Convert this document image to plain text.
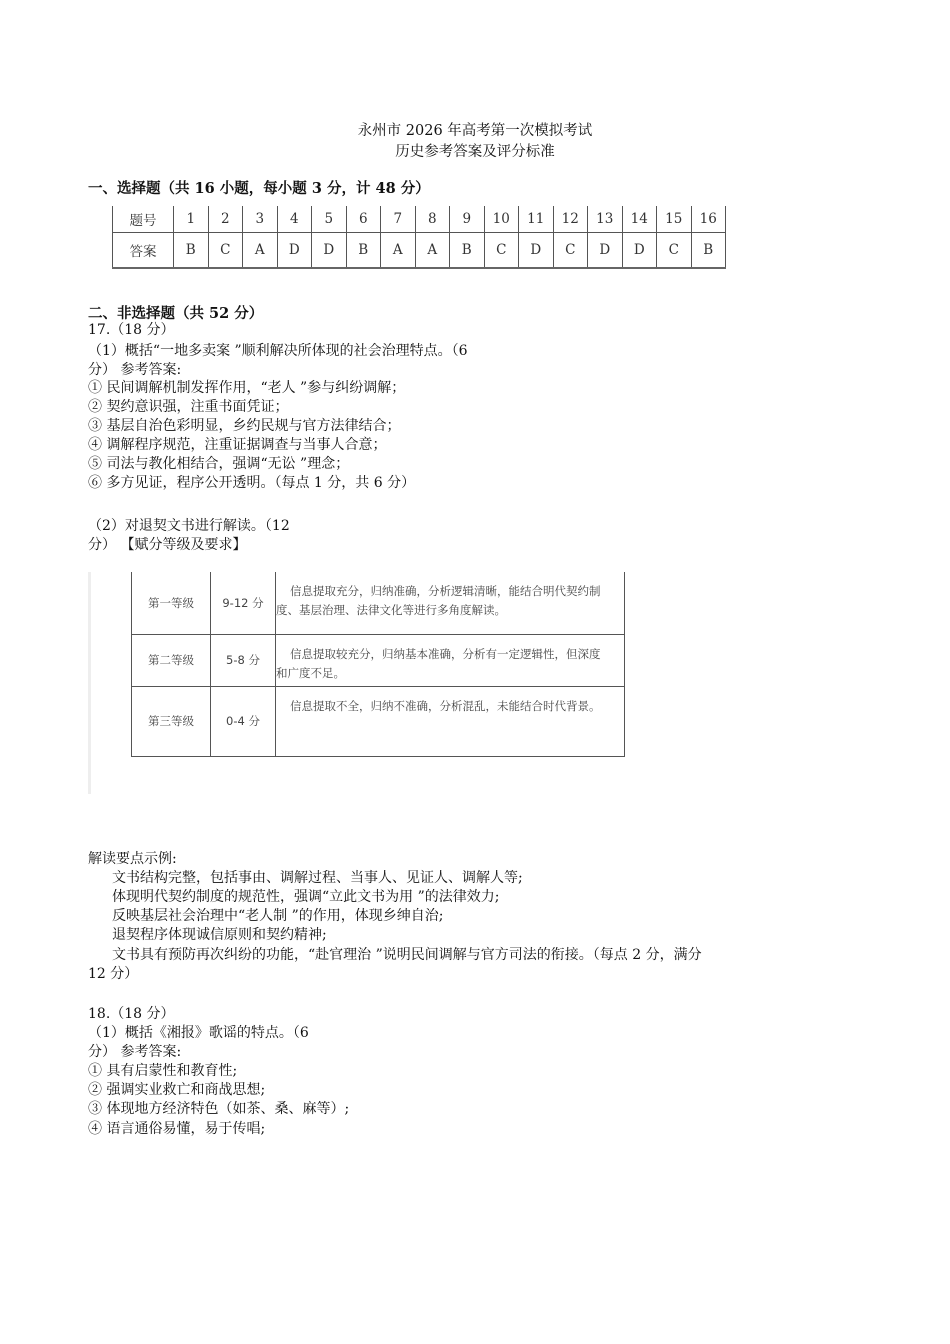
永州市 2026 年高考第一次模拟考试
历史参考答案及评分标准
一、选择题（共 16 小题，每小题 3 分，计 48 分）
题号	1	2	3	4	5	6	7	8	9	10	11	12	13	14	15	16
答案	B	C	A	D	D	B	A	A	B	C	D	C	D	D	C	B
二、非选择题（共 52 分）
17.（18 分）
（1）概括“一地多卖案 ”顺利解决所体现的社会治理特点。（6
分） 参考答案:
① 民间调解机制发挥作用，“老人 ”参与纠纷调解；
② 契约意识强，注重书面凭证；
③ 基层自治色彩明显，乡约民规与官方法律结合；
④ 调解程序规范，注重证据调查与当事人合意；
⑤ 司法与教化相结合，强调“无讼 ”理念；
⑥ 多方见证，程序公开透明。（每点 1 分，共 6 分）
（2）对退契文书进行解读。（12
分） 【赋分等级及要求】
第一等级	9-12 分	信息提取充分，归纳准确，分析逻辑清晰，能结合明代契约制
度、基层治理、法律文化等进行多角度解读。

第二等级	5-8 分	信息提取较充分，归纳基本准确，分析有一定逻辑性，但深度
和广度不足。

第三等级	0-4 分	信息提取不全，归纳不准确，分析混乱，未能结合时代背景。
解读要点示例:
文书结构完整，包括事由、调解过程、当事人、见证人、调解人等;
体现明代契约制度的规范性，强调“立此文书为用 ”的法律效力;
反映基层社会治理中“老人制 ”的作用，体现乡绅自治;
退契程序体现诚信原则和契约精神;
文书具有预防再次纠纷的功能，“赴官理治 ”说明民间调解与官方司法的衔接。（每点 2 分，满分
12 分）
18.（18 分）
（1）概括《湘报》歌谣的特点。（6
分） 参考答案:
① 具有启蒙性和教育性;
② 强调实业救亡和商战思想;
③ 体现地方经济特色（如茶、桑、麻等）;
④ 语言通俗易懂，易于传唱;
